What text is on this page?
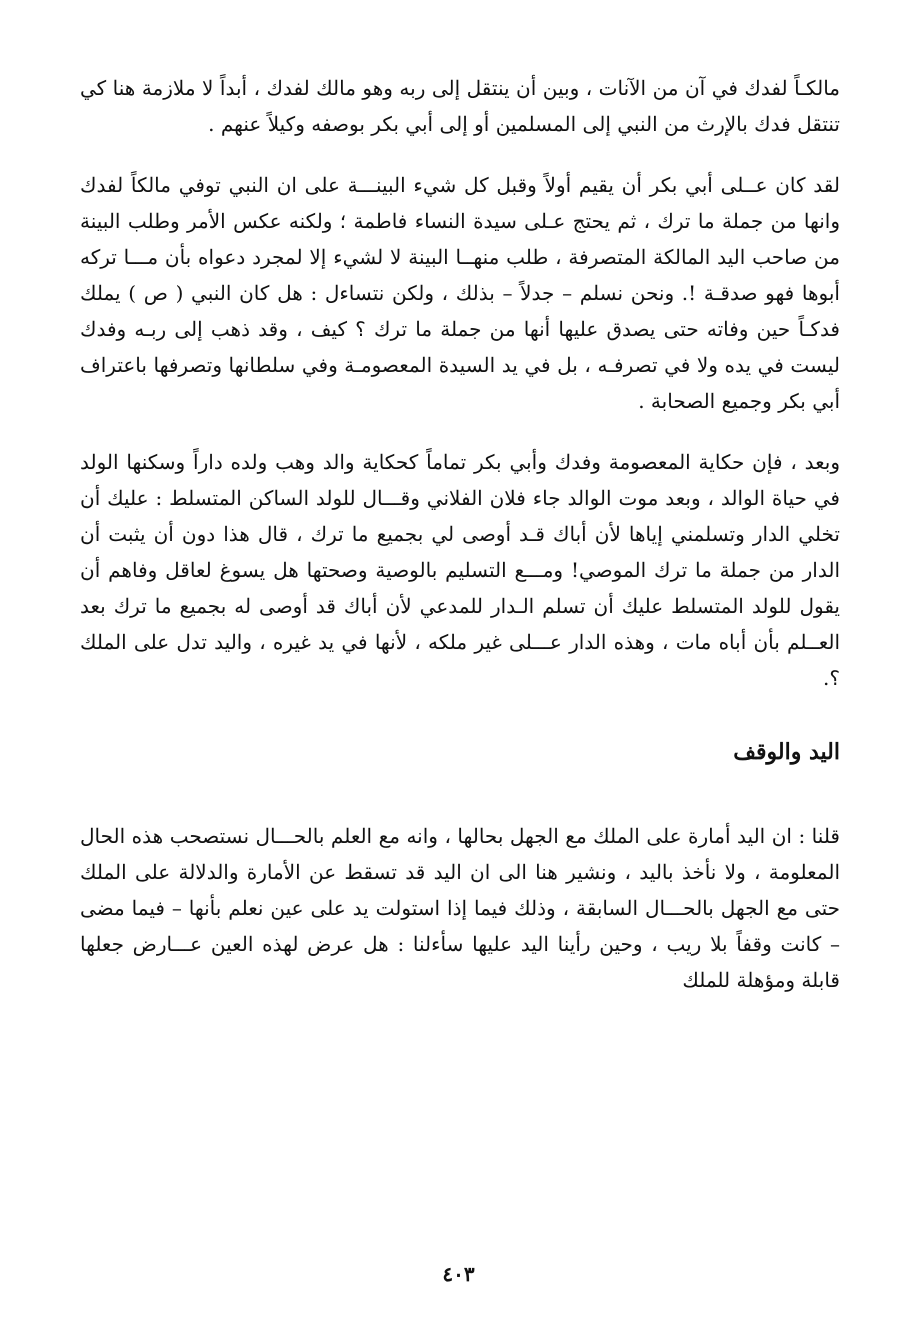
مالكـاً لفدك في آن من الآنات ، وبين أن ينتقل إلى ربه وهو مالك لفدك ، أبداً لا ملازمة هنا كي تنتقل فدك بالإرث من النبي إلى المسلمين أو إلى أبي بكر بوصفه وكيلاً عنهم .

لقد كان عــلى أبي بكر أن يقيم أولاً وقبل كل شيء البينـــة على ان النبي توفي مالكاً لفدك وانها من جملة ما ترك ، ثم يحتج عـلى سيدة النساء فاطمة ؛ ولكنه عكس الأمر وطلب البينة من صاحب اليد المالكة المتصرفة ، طلب منهــا البينة لا لشيء إلا لمجرد دعواه بأن مـــا تركه أبوها فهو صدقـة !. ونحن نسلم – جدلاً – بذلك ، ولكن نتساءل : هل كان النبي ( ص ) يملك فدكـاً حين وفاته حتى يصدق عليها أنها من جملة ما ترك ؟ كيف ، وقد ذهب إلى ربـه وفدك ليست في يده ولا في تصرفـه ، بل في يد السيدة المعصومـة وفي سلطانها وتصرفها باعتراف أبي بكر وجميع الصحابة .

وبعد ، فإن حكاية المعصومة وفدك وأبي بكر تماماً كحكاية والد وهب ولده داراً وسكنها الولد في حياة الوالد ، وبعد موت الوالد جاء فلان الفلاني وقـــال للولد الساكن المتسلط : عليك أن تخلي الدار وتسلمني إياها لأن أباك قـد أوصى لي بجميع ما ترك ، قال هذا دون أن يثبت أن الدار من جملة ما ترك الموصي! ومـــع التسليم بالوصية وصحتها هل يسوغ لعاقل وفاهم أن يقول للولد المتسلط عليك أن تسلم الـدار للمدعي لأن أباك قد أوصى له بجميع ما ترك بعد العــلم بأن أباه مات ، وهذه الدار عـــلى غير ملكه ، لأنها في يد غيره ، واليد تدل على الملك ؟.

اليد والوقف

قلنا : ان اليد أمارة على الملك مع الجهل بحالها ، وانه مع العلم بالحـــال نستصحب هذه الحال المعلومة ، ولا نأخذ باليد ، ونشير هنا الى ان اليد قد تسقط عن الأمارة والدلالة على الملك حتى مع الجهل بالحـــال السابقة ، وذلك فيما إذا استولت يد على عين نعلم بأنها – فيما مضى – كانت وقفاً بلا ريب ، وحين رأينا اليد عليها سأءلنا : هل عرض لهذه العين عـــارض جعلها قابلة ومؤهلة للملك

٤٠٣
